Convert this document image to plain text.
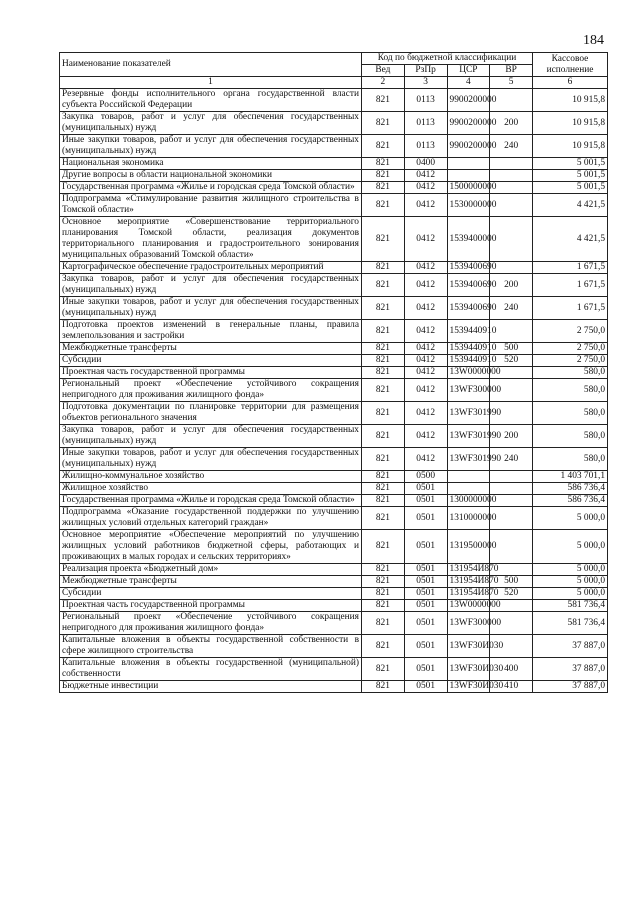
184
Наименование показателей	Код по бюджетной классификации				Кассовое исполнение
	Вед	РзПр	ЦСР	ВР	
1	2	3	4	5	6
Резервные фонды исполнительного органа государственной власти субъекта Российской Федерации	821	0113	9900200000		10 915,8
Закупка товаров, работ и услуг для обеспечения государственных (муниципальных) нужд	821	0113	9900200000	200	10 915,8
Иные закупки товаров, работ и услуг для обеспечения государственных (муниципальных) нужд	821	0113	9900200000	240	10 915,8
Национальная экономика	821	0400			5 001,5
Другие вопросы в области национальной экономики	821	0412			5 001,5
Государственная программа «Жилье и городская среда Томской области»	821	0412	1500000000		5 001,5
Подпрограмма «Стимулирование развития жилищного строительства в Томской области»	821	0412	1530000000		4 421,5
Основное мероприятие «Совершенствование территориального планирования Томской области, реализация документов территориального планирования и градостроительного зонирования муниципальных образований Томской области»	821	0412	1539400000		4 421,5
Картографическое обеспечение градостроительных мероприятий	821	0412	1539400690		1 671,5
Закупка товаров, работ и услуг для обеспечения государственных (муниципальных) нужд	821	0412	1539400690	200	1 671,5
Иные закупки товаров, работ и услуг для обеспечения государственных (муниципальных) нужд	821	0412	1539400690	240	1 671,5
Подготовка проектов изменений в генеральные планы, правила землепользования и застройки	821	0412	1539440910		2 750,0
Межбюджетные трансферты	821	0412	1539440910	500	2 750,0
Субсидии	821	0412	1539440910	520	2 750,0
Проектная часть государственной программы	821	0412	13W0000000		580,0
Региональный проект «Обеспечение устойчивого сокращения непригодного для проживания жилищного фонда»	821	0412	13WF300000		580,0
Подготовка документации по планировке территории для размещения объектов регионального значения	821	0412	13WF301990		580,0
Закупка товаров, работ и услуг для обеспечения государственных (муниципальных) нужд	821	0412	13WF301990	200	580,0
Иные закупки товаров, работ и услуг для обеспечения государственных (муниципальных) нужд	821	0412	13WF301990	240	580,0
Жилищно-коммунальное хозяйство	821	0500			1 403 701,1
Жилищное хозяйство	821	0501			586 736,4
Государственная программа «Жилье и городская среда Томской области»	821	0501	1300000000		586 736,4
Подпрограмма «Оказание государственной поддержки по улучшению жилищных условий отдельных категорий граждан»	821	0501	1310000000		5 000,0
Основное мероприятие «Обеспечение мероприятий по улучшению жилищных условий работников бюджетной сферы, работающих и проживающих в малых городах и сельских территориях»	821	0501	1319500000		5 000,0
Реализация проекта «Бюджетный дом»	821	0501	131954И870		5 000,0
Межбюджетные трансферты	821	0501	131954И870	500	5 000,0
Субсидии	821	0501	131954И870	520	5 000,0
Проектная часть государственной программы	821	0501	13W0000000		581 736,4
Региональный проект «Обеспечение устойчивого сокращения непригодного для проживания жилищного фонда»	821	0501	13WF300000		581 736,4
Капитальные вложения в объекты государственной собственности в сфере жилищного строительства	821	0501	13WF30И030		37 887,0
Капитальные вложения в объекты государственной (муниципальной) собственности	821	0501	13WF30И030	400	37 887,0
Бюджетные инвестиции	821	0501	13WF30И030	410	37 887,0
